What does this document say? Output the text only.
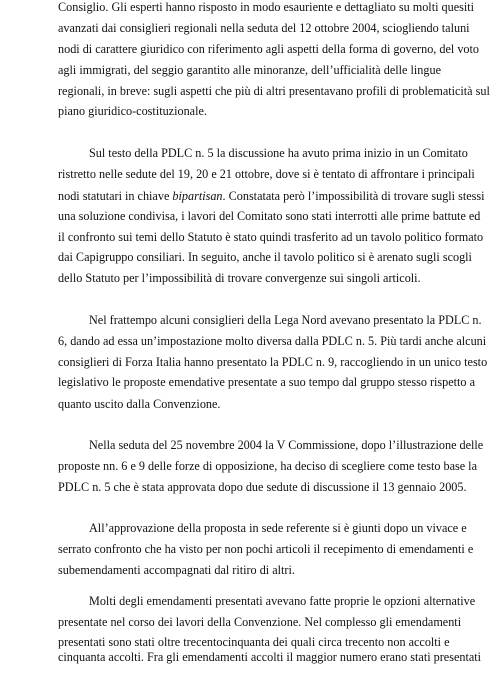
Consiglio. Gli esperti hanno risposto in modo esauriente e dettagliato su molti quesiti
avanzati dai consiglieri regionali nella seduta del 12 ottobre 2004, sciogliendo taluni
nodi di carattere giuridico con riferimento agli aspetti della forma di governo, del voto
agli immigrati, del seggio garantito alle minoranze, dell’ufficialità delle lingue
regionali, in breve: sugli aspetti che più di altri presentavano profili di problematicità sul
piano giuridico-costituzionale.
Sul testo della PDLC n. 5 la discussione ha avuto prima inizio in un Comitato
ristretto nelle sedute del 19, 20 e 21 ottobre, dove si è tentato di affrontare i principali
nodi statutari in chiave bipartisan. Constatata però l’impossibilità di trovare sugli stessi
una soluzione condivisa, i lavori del Comitato sono stati interrotti alle prime battute ed
il confronto sui temi dello Statuto è stato quindi trasferito ad un tavolo politico formato
dai Capigruppo consiliari. In seguito, anche il tavolo politico si è arenato sugli scogli
dello Statuto per l’impossibilità di trovare convergenze sui singoli articoli.
Nel frattempo alcuni consiglieri della Lega Nord avevano presentato la PDLC n.
6, dando ad essa un’impostazione molto diversa dalla PDLC n. 5. Più tardi anche alcuni
consiglieri di Forza Italia hanno presentato la PDLC n. 9, raccogliendo in un unico testo
legislativo le proposte emendative presentate a suo tempo dal gruppo stesso rispetto a
quanto uscito dalla Convenzione.
Nella seduta del 25 novembre 2004 la V Commissione, dopo l’illustrazione delle
proposte nn. 6 e 9 delle forze di opposizione, ha deciso di scegliere come testo base la
PDLC n. 5 che è stata approvata dopo due sedute di discussione il 13 gennaio 2005.
All’approvazione della proposta in sede referente si è giunti dopo un vivace e
serrato confronto che ha visto per non pochi articoli il recepimento di emendamenti e
subemendamenti accompagnati dal ritiro di altri.
Molti degli emendamenti presentati avevano fatte proprie le opzioni alternative
presentate nel corso dei lavori della Convenzione. Nel complesso gli emendamenti
presentati sono stati oltre trecentocinquanta dei quali circa trecento non accolti e
cinquanta accolti. Fra gli emendamenti accolti il maggior numero erano stati presentati
